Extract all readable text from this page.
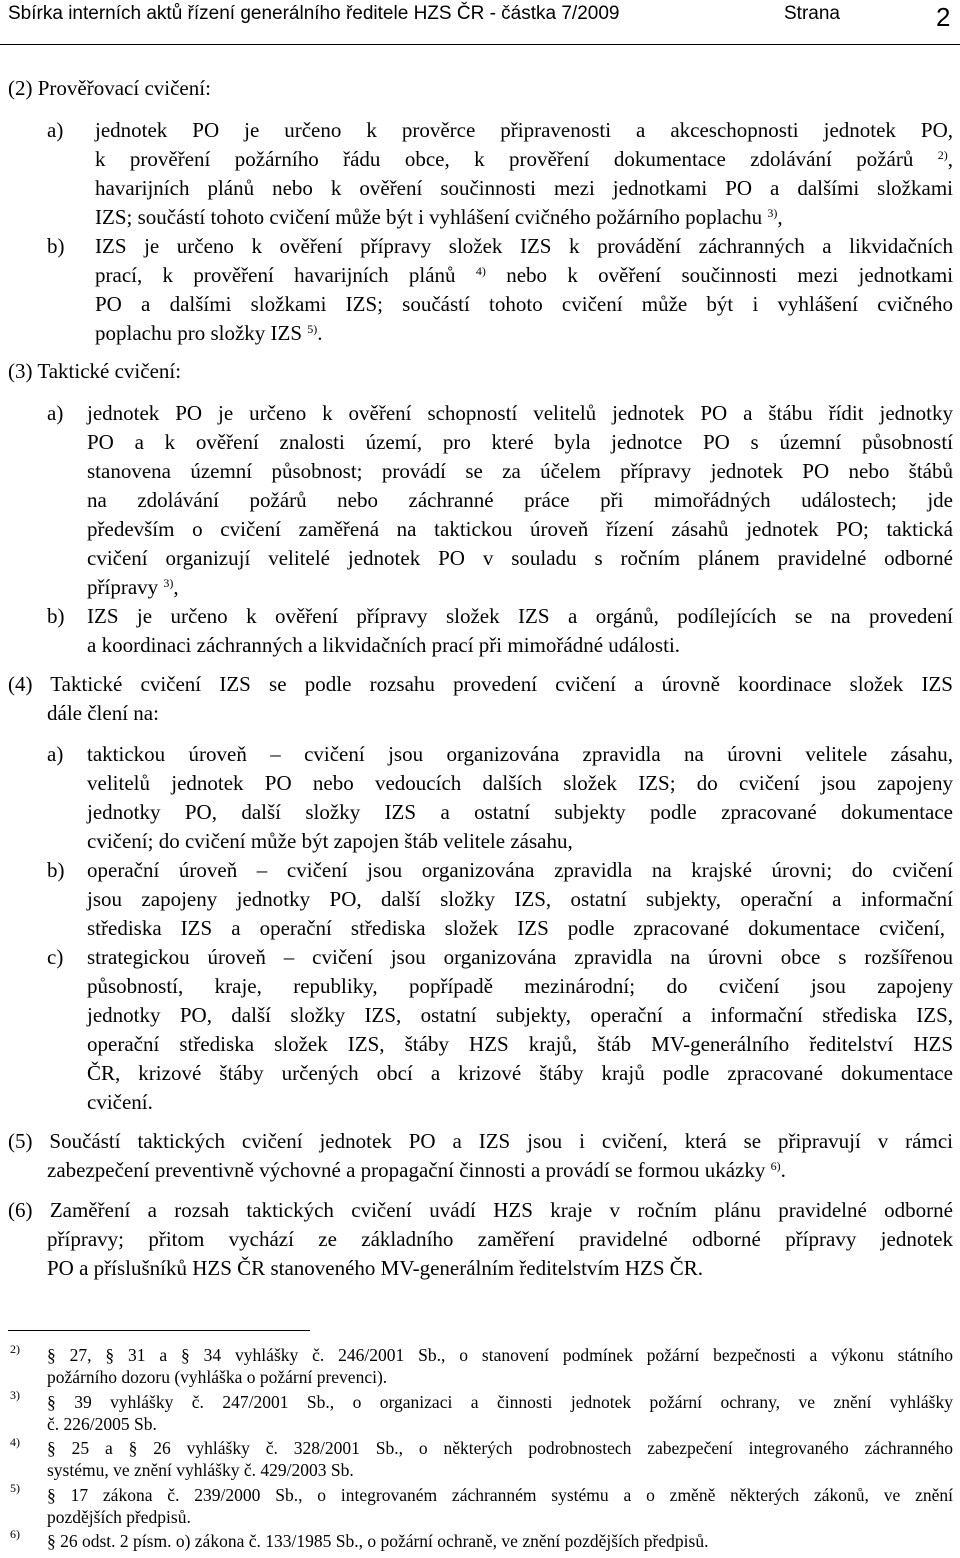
Sbírka interních aktů řízení generálního ředitele HZS ČR - částka 7/2009	Strana	2
(2) Prověřovací cvičení:
a) jednotek PO je určeno k prověrce připravenosti a akceschopnosti jednotek PO,
k prověření požárního řádu obce, k prověření dokumentace zdolávání požárů $^{2)}$,
havarijních plánů nebo k ověření součinnosti mezi jednotkami PO a dalšími složkami
IZS; součástí tohoto cvičení může být i vyhlášení cvičného požárního poplachu $^{3)}$,
b) IZS je určeno k ověření přípravy složek IZS k provádění záchranných a likvidačních
prací, k prověření havarijních plánů $^{4)}$ nebo k ověření součinnosti mezi jednotkami
PO a dalšími složkami IZS; součástí tohoto cvičení může být i vyhlášení cvičného
poplachu pro složky IZS $^{5)}$.
(3) Taktické cvičení:
a) jednotek PO je určeno k ověření schopností velitelů jednotek PO a štábu řídit jednotky
PO a k ověření znalosti území, pro které byla jednotce PO s územní působností
stanovena územní působnost; provádí se za účelem přípravy jednotek PO nebo štábů
na zdolávání požárů nebo záchranné práce při mimořádných událostech; jde
především o cvičení zaměřená na taktickou úroveň řízení zásahů jednotek PO; taktická
cvičení organizují velitelé jednotek PO v souladu s ročním plánem pravidelné odborné
přípravy $^{3)}$,
b) IZS je určeno k ověření přípravy složek IZS a orgánů, podílejících se na provedení
a koordinaci záchranných a likvidačních prací při mimořádné události.
(4) Taktické cvičení IZS se podle rozsahu provedení cvičení a úrovně koordinace složek IZS
dále člení na:
a) taktickou úroveň – cvičení jsou organizována zpravidla na úrovni velitele zásahu,
velitelů jednotek PO nebo vedoucích dalších složek IZS; do cvičení jsou zapojeny
jednotky PO, další složky IZS a ostatní subjekty podle zpracované dokumentace
cvičení; do cvičení může být zapojen štáb velitele zásahu,
b) operační úroveň – cvičení jsou organizována zpravidla na krajské úrovni; do cvičení
jsou zapojeny jednotky PO, další složky IZS, ostatní subjekty, operační a informační
střediska IZS a operační střediska složek IZS podle zpracované dokumentace cvičení,
c) strategickou úroveň – cvičení jsou organizována zpravidla na úrovni obce s rozšířenou
působností, kraje, republiky, popřípadě mezinárodní; do cvičení jsou zapojeny
jednotky PO, další složky IZS, ostatní subjekty, operační a informační střediska IZS,
operační střediska složek IZS, štáby HZS krajů, štáb MV-generálního ředitelství HZS
ČR, krizové štáby určených obcí a krizové štáby krajů podle zpracované dokumentace
cvičení.
(5) Součástí taktických cvičení jednotek PO a IZS jsou i cvičení, která se připravují v rámci
zabezpečení preventivně výchovné a propagační činnosti a provádí se formou ukázky $^{6)}$.
(6) Zaměření a rozsah taktických cvičení uvádí HZS kraje v ročním plánu pravidelné odborné
přípravy; přitom vychází ze základního zaměření pravidelné odborné přípravy jednotek
PO a příslušníků HZS ČR stanoveného MV-generálním ředitelstvím HZS ČR.
2) § 27, § 31 a § 34 vyhlášky č. 246/2001 Sb., o stanovení podmínek požární bezpečnosti a výkonu státního
požárního dozoru (vyhláška o požární prevenci).
3) § 39 vyhlášky č. 247/2001 Sb., o organizaci a činnosti jednotek požární ochrany, ve znění vyhlášky
č. 226/2005 Sb.
4) § 25 a § 26 vyhlášky č. 328/2001 Sb., o některých podrobnostech zabezpečení integrovaného záchranného
systému, ve znění vyhlášky č. 429/2003 Sb.
5) § 17 zákona č. 239/2000 Sb., o integrovaném záchranném systému a o změně některých zákonů, ve znění
pozdějších předpisů.
6) § 26 odst. 2 písm. o) zákona č. 133/1985 Sb., o požární ochraně, ve znění pozdějších předpisů.
